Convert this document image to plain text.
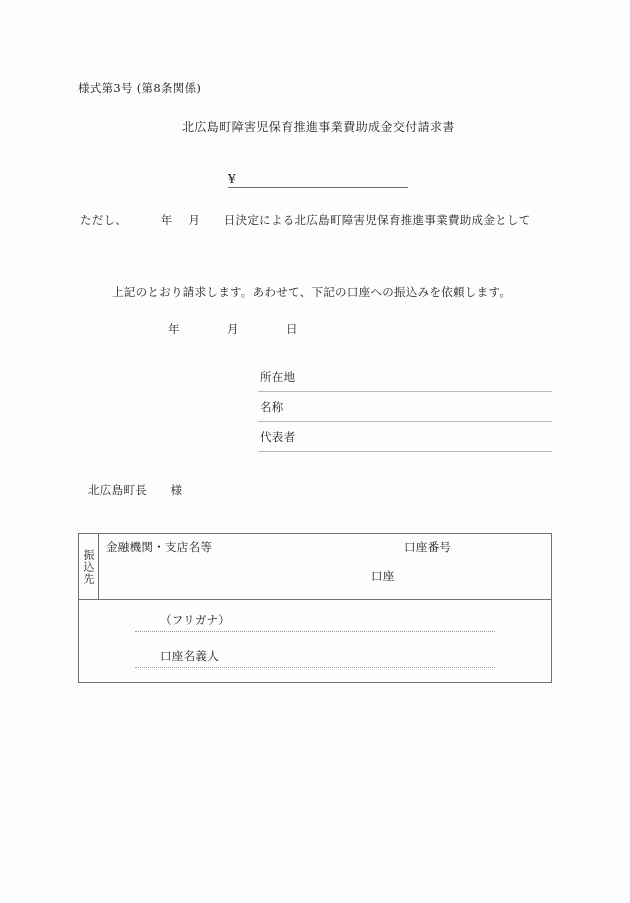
様式第3号 (第8条関係)
北広島町障害児保育推進事業費助成金交付請求書
¥
ただし、　　　 年　 月　　日決定による北広島町障害児保育推進事業費助成金として
上記のとおり請求します。あわせて、下記の口座への振込みを依頼します。
年　　　　月　　　　日
所在地
名称
代表者
北広島町長　　様
振込先
金融機関・支店名等	口座番号
口座
（フリガナ）
口座名義人
